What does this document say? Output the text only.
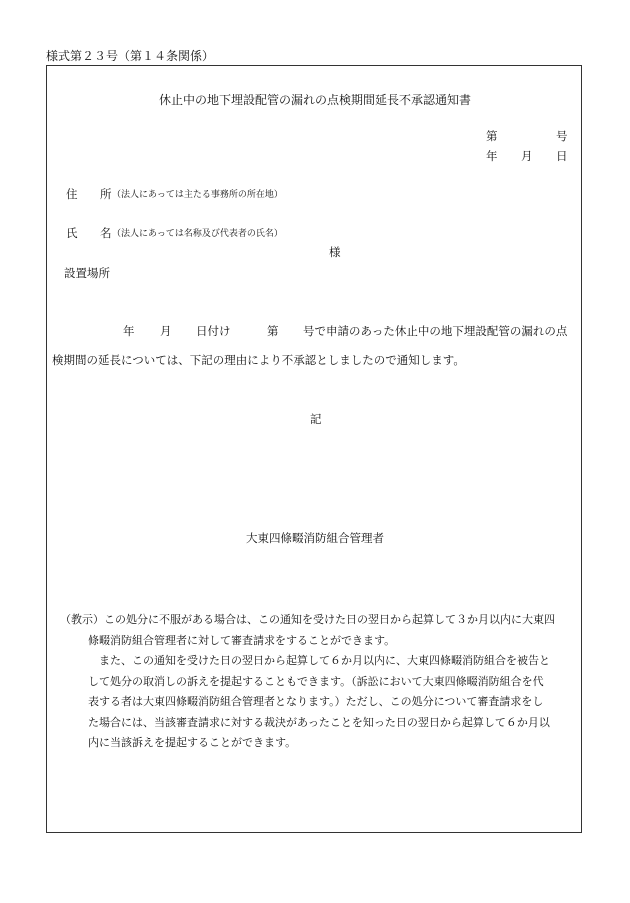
様式第２３号（第１４条関係）
休止中の地下埋設配管の漏れの点検期間延長不承認通知書
第	号
年 月 日
住 所 （法人にあっては主たる事務所の所在地）
氏 名 （法人にあっては名称及び代表者の氏名）
様
設置場所
年 月 日付け	第 号で申請のあった休止中の地下埋設配管の漏れの点
検期間の延長については、下記の理由により不承認としましたので通知します。
記
大東四條畷消防組合管理者
（教示）この処分に不服がある場合は、この通知を受けた日の翌日から起算して３か月以内に大東四
條畷消防組合管理者に対して審査請求をすることができます。
また、この通知を受けた日の翌日から起算して６か月以内に、大東四條畷消防組合を被告と
して処分の取消しの訴えを提起することもできます。（訴訟において大東四條畷消防組合を代
表する者は大東四條畷消防組合管理者となります。）ただし、この処分について審査請求をし
た場合には、当該審査請求に対する裁決があったことを知った日の翌日から起算して６か月以
内に当該訴えを提起することができます。
